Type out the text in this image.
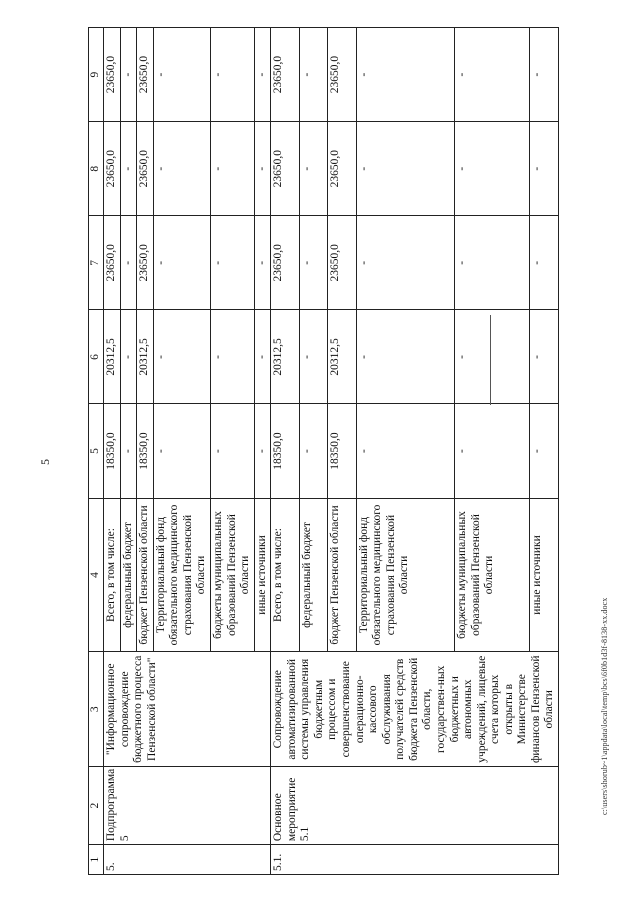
5
1	2	3	4	5	6	7	8	9
5.	Подпрограмма 5	"Информационное сопровождение бюджетного процесса Пензенской области"	Всего, в том числе:	18350,0	20312,5	23650,0	23650,0	23650,0
			федеральный бюджет	-	-	-	-	-
			бюджет Пензенской области	18350,0	20312,5	23650,0	23650,0	23650,0
			Территориальный фонд обязательного медицинского страхования Пензенской области	-	-	-	-	-
			бюджеты муниципальных образований Пензенской области	-	-	-	-	-
			иные источники	-	-	-	-	-
5.1.	Основное мероприятие 5.1	Сопровождение автоматизированной системы управления бюджетным процессом и совершенствование операционно-кассового обслуживания получателей средств бюджета Пензенской области, государствен-ных бюджетных и автономных учреждений, лицевые счета которых открыты в Министерстве финансов Пензенской области	Всего, в том числе:	18350,0	20312,5	23650,0	23650,0	23650,0
			федеральный бюджет	-	-	-	-	-
			бюджет Пензенской области	18350,0	20312,5	23650,0	23650,0	23650,0
			Территориальный фонд обязательного медицинского страхования Пензенской области	-	-	-	-	-
			бюджеты муниципальных образований Пензенской области	-	-	-	-	-
			иные источники	-	-	-	-	-
c:\users\shorub~1\appdata\local\temp\bcs\6f0b1d3f-8138-xx.docx
